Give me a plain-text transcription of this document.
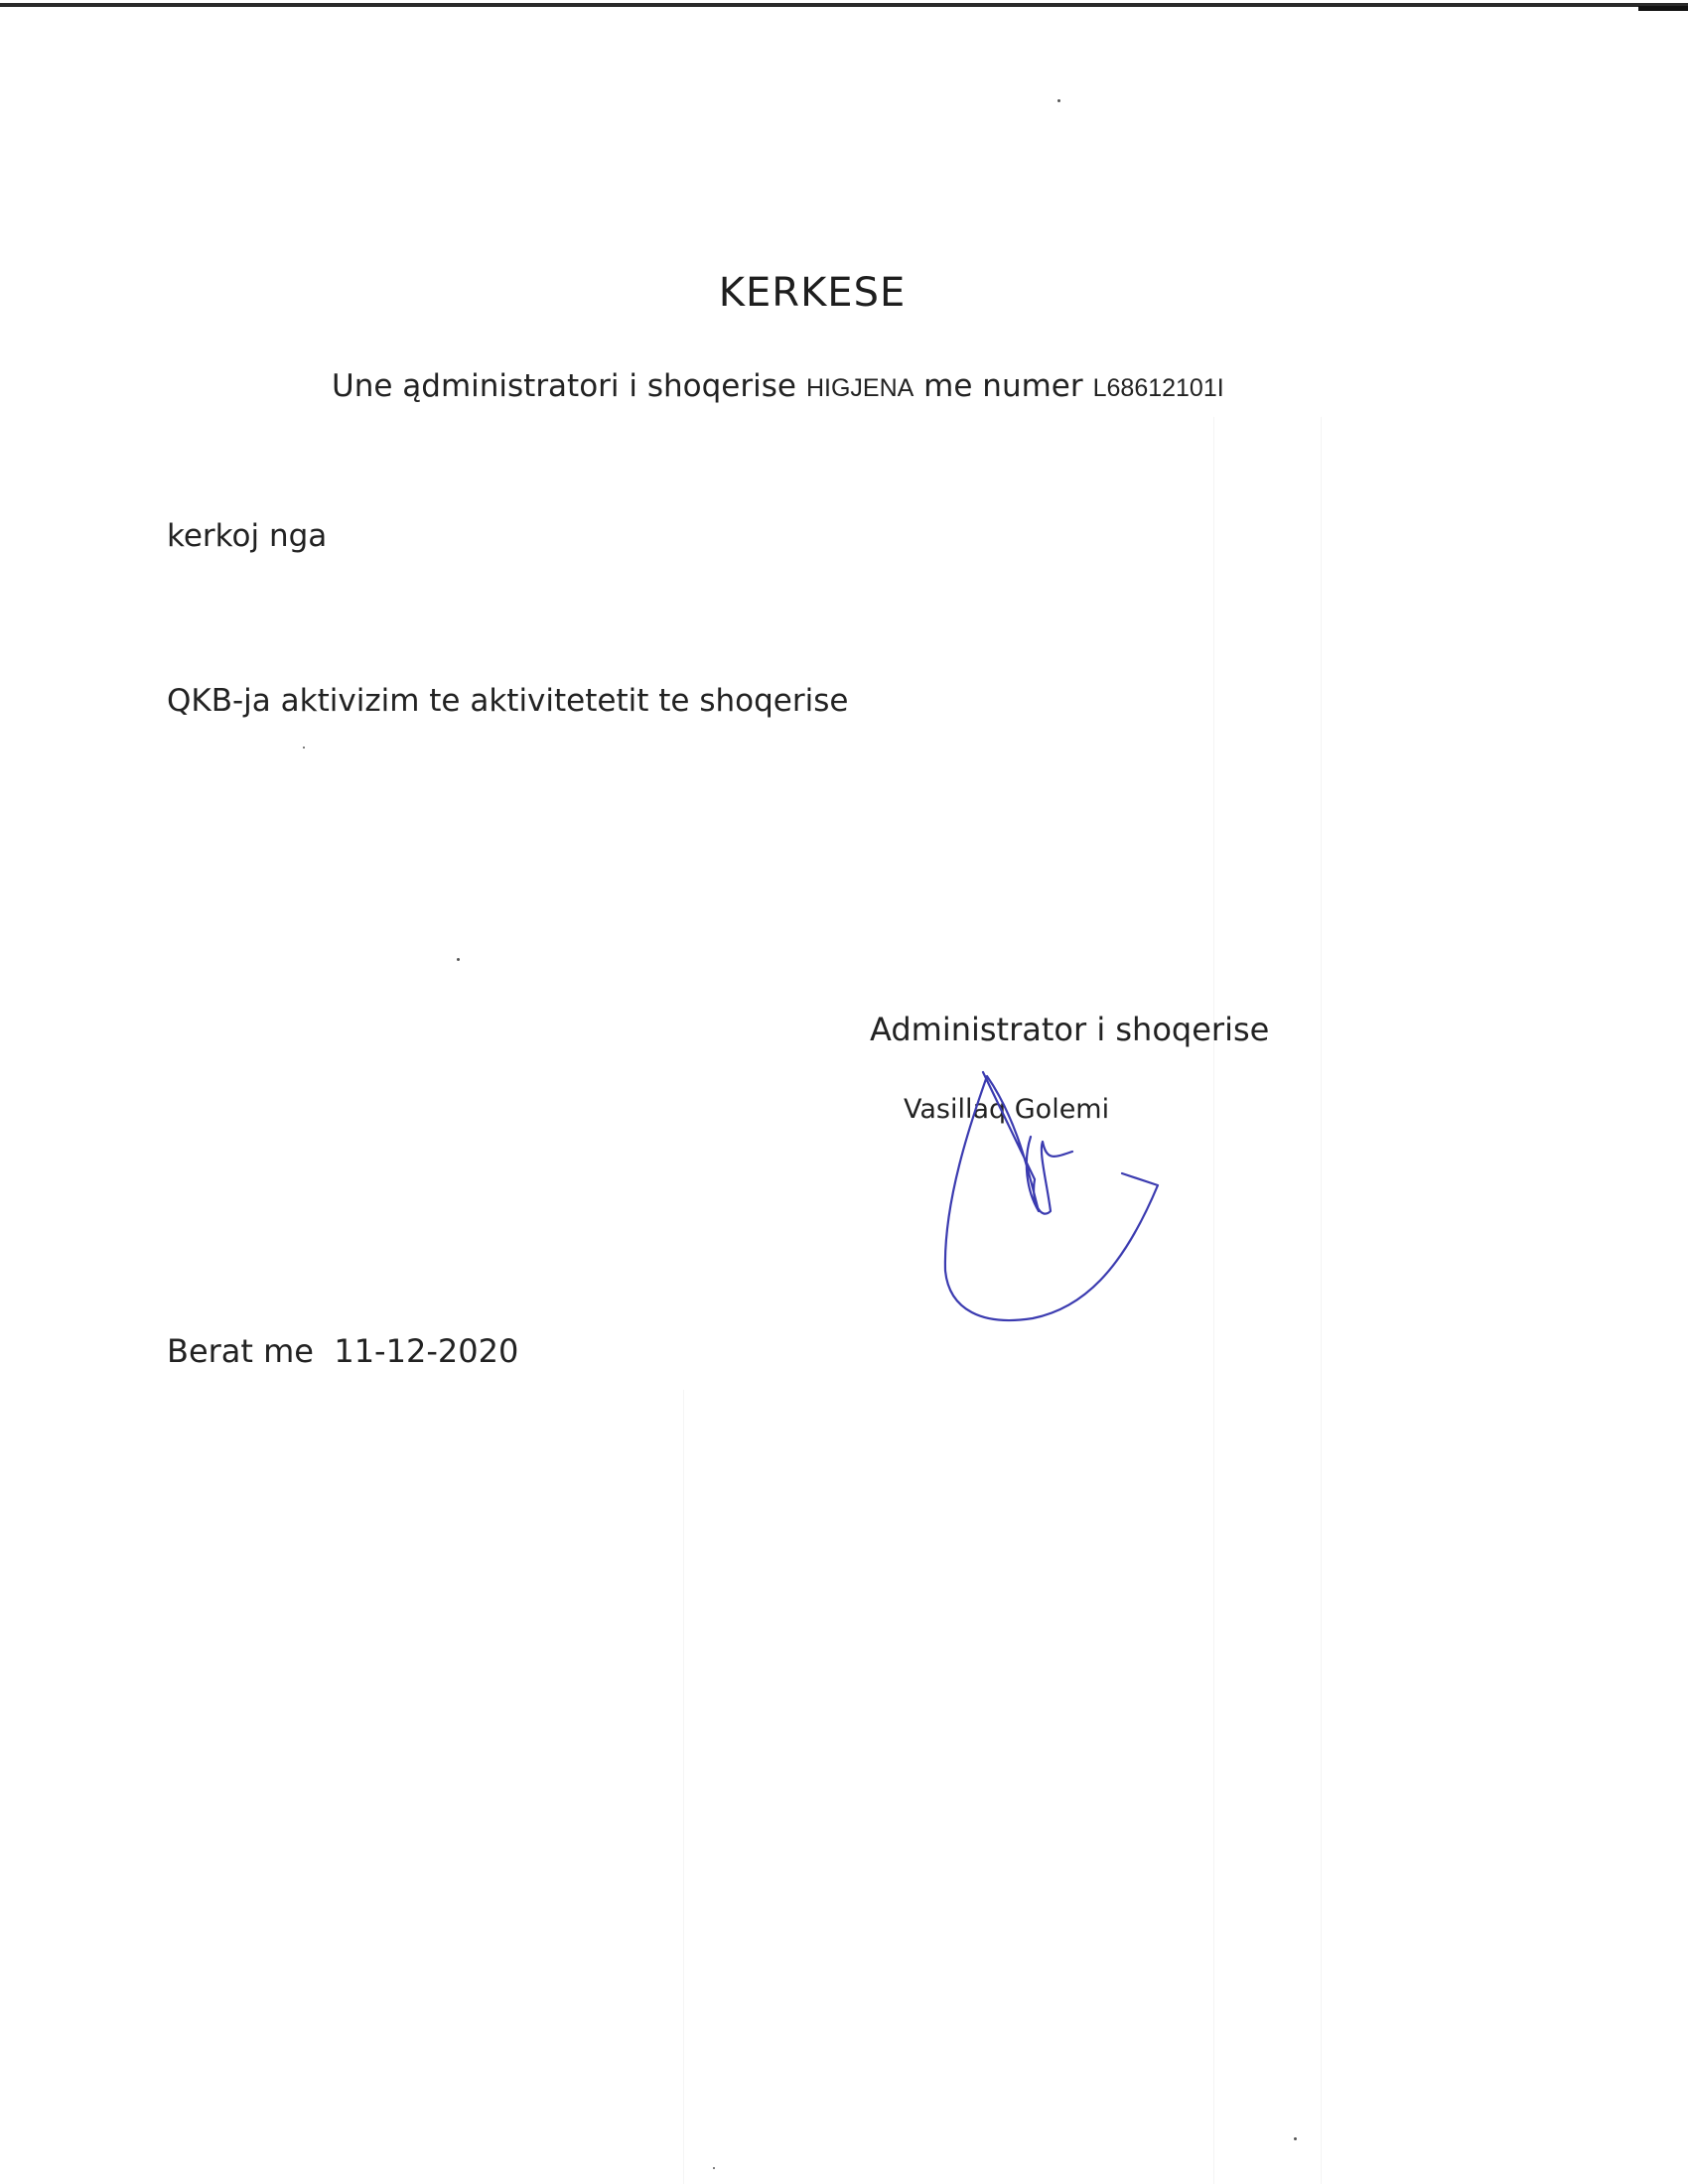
KERKESE
Une ądministratori i shoqerise HIGJENA me numer L68612101I
kerkoj nga
QKB-ja aktivizim te aktivitetetit te shoqerise
Administrator i shoqerise
Vasillaq Golemi
Berat me 11-12-2020
